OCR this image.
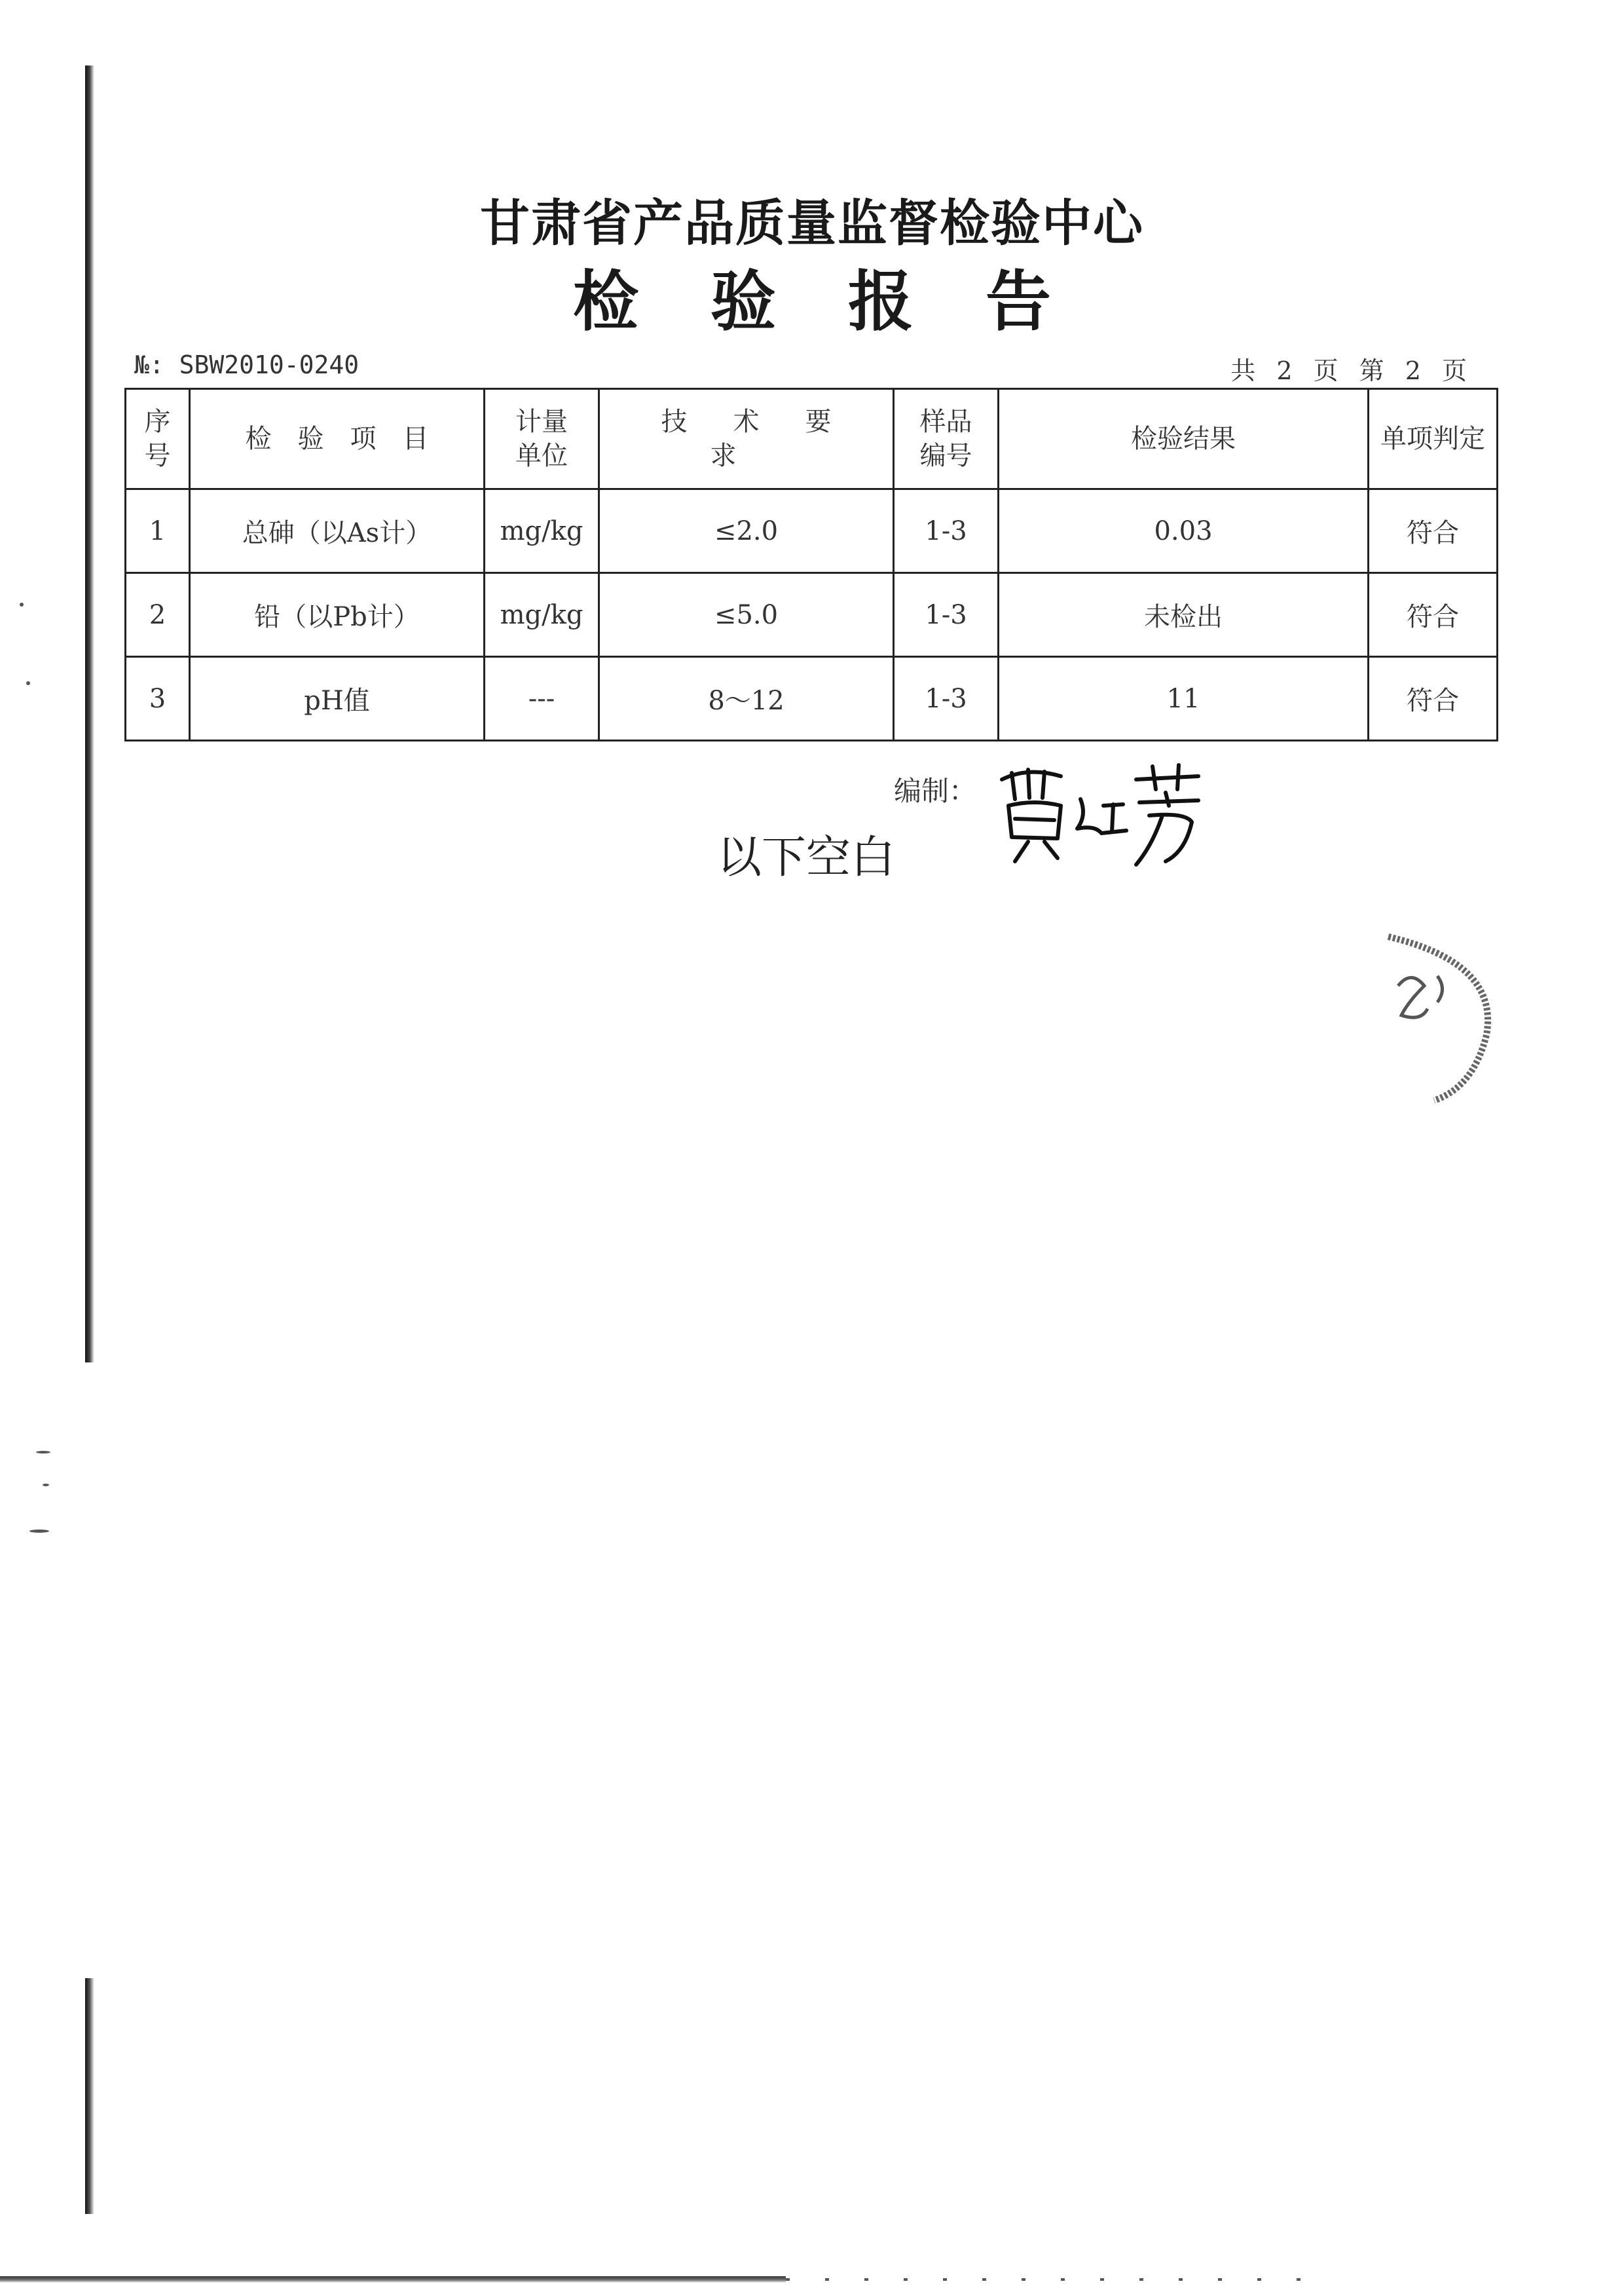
甘肃省产品质量监督检验中心
检验报告
№: SBW2010-0240	共 2 页 第 2 页
序号	检验项目	计量单位	技术要求	样品编号	检验结果	单项判定
1	总砷（以As计）	mg/kg	≤2.0	1-3	0.03	符合
2	铅（以Pb计）	mg/kg	≤5.0	1-3	未检出	符合
3	pH值	---	8～12	1-3	11	符合
编制：
以下空白
